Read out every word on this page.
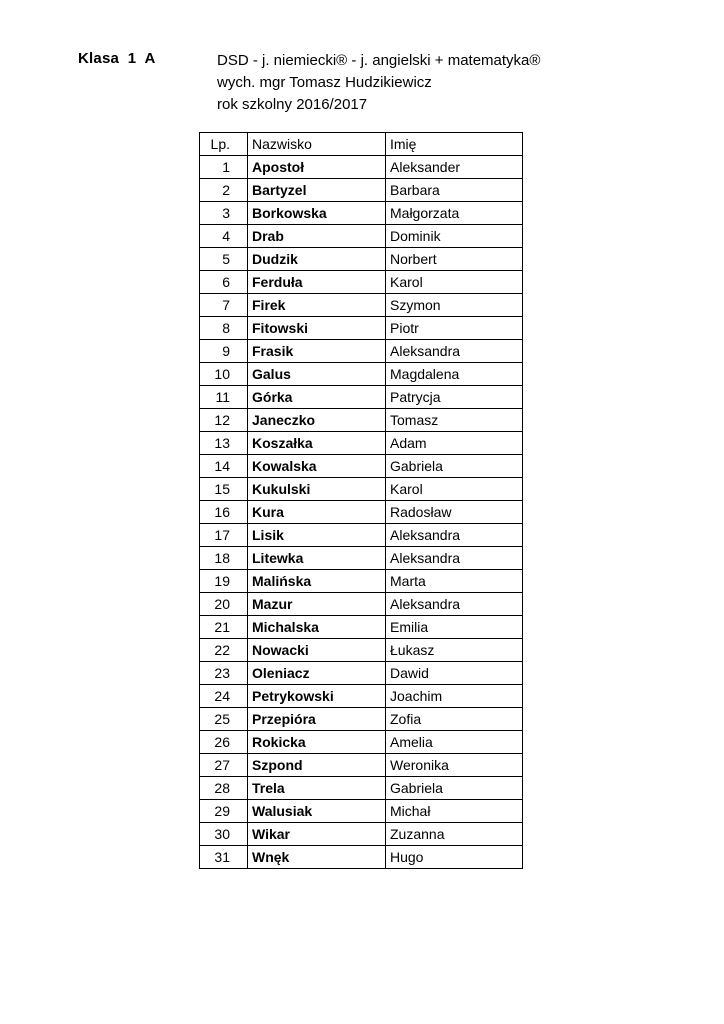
Klasa  1  A	DSD - j. niemiecki® - j. angielski + matematyka®
wych. mgr Tomasz Hudzikiewicz
rok szkolny 2016/2017
Lp.	Nazwisko	Imię
1	Apostoł	Aleksander
2	Bartyzel	Barbara
3	Borkowska	Małgorzata
4	Drab	Dominik
5	Dudzik	Norbert
6	Ferduła	Karol
7	Firek	Szymon
8	Fitowski	Piotr
9	Frasik	Aleksandra
10	Galus	Magdalena
11	Górka	Patrycja
12	Janeczko	Tomasz
13	Koszałka	Adam
14	Kowalska	Gabriela
15	Kukulski	Karol
16	Kura	Radosław
17	Lisik	Aleksandra
18	Litewka	Aleksandra
19	Malińska	Marta
20	Mazur	Aleksandra
21	Michalska	Emilia
22	Nowacki	Łukasz
23	Oleniacz	Dawid
24	Petrykowski	Joachim
25	Przepióra	Zofia
26	Rokicka	Amelia
27	Szpond	Weronika
28	Trela	Gabriela
29	Walusiak	Michał
30	Wikar	Zuzanna
31	Wnęk	Hugo
